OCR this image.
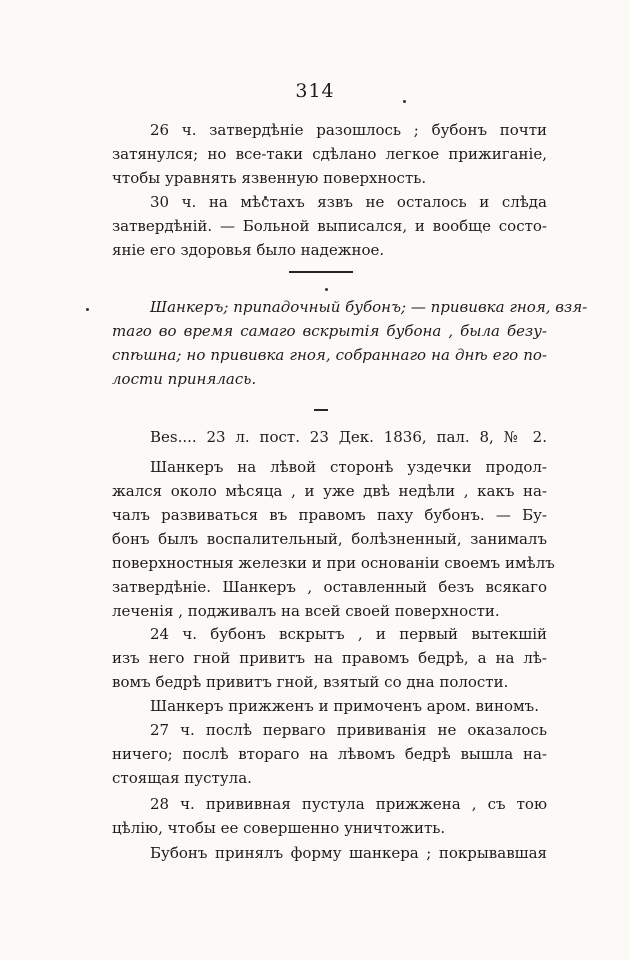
314
26 ч. затвердѣніе разошлось ; бубонъ почти
затянулся; но все-таки сдѣлано легкое прижиганіе,
чтобы уравнять язвенную поверхность.
30 ч. на мѣстахъ язвъ не осталось и слѣда
затвердѣній. — Больной выписался, и вообще состо-
яніе его здоровья было надежное.
Шанкеръ; припадочный бубонъ; — прививка гноя, взя-
таго во время самаго вскрытія бубона , была безу-
спѣшна; но прививка гноя, собраннаго на днѣ его по-
лости принялась.
Bes.... 23 л. пост. 23 Дек. 1836, пал. 8, № 2.
Шанкеръ на лѣвой сторонѣ уздечки продол-
жался около мѣсяца , и уже двѣ недѣли , какъ на-
чалъ развиваться въ правомъ паху бубонъ. — Бу-
бонъ былъ воспалительный, болѣзненный, занималъ
поверхностныя железки и при основаніи своемъ имѣлъ
затвердѣніе. Шанкеръ , оставленный безъ всякаго
леченія , подживалъ на всей своей поверхности.
24 ч. бубонъ вскрытъ , и первый вытекшій
изъ него гной привитъ на правомъ бедрѣ, а на лѣ-
вомъ бедрѣ привитъ гной, взятый со дна полости.
Шанкеръ прижженъ и примоченъ аром. виномъ.
27 ч. послѣ перваго прививанія не оказалось
ничего; послѣ втораго на лѣвомъ бедрѣ вышла на-
стоящая пустула.
28 ч. прививная пустула прижжена , съ тою
цѣлію, чтобы ее совершенно уничтожить.
Бубонъ принялъ форму шанкера ; покрывавшая
